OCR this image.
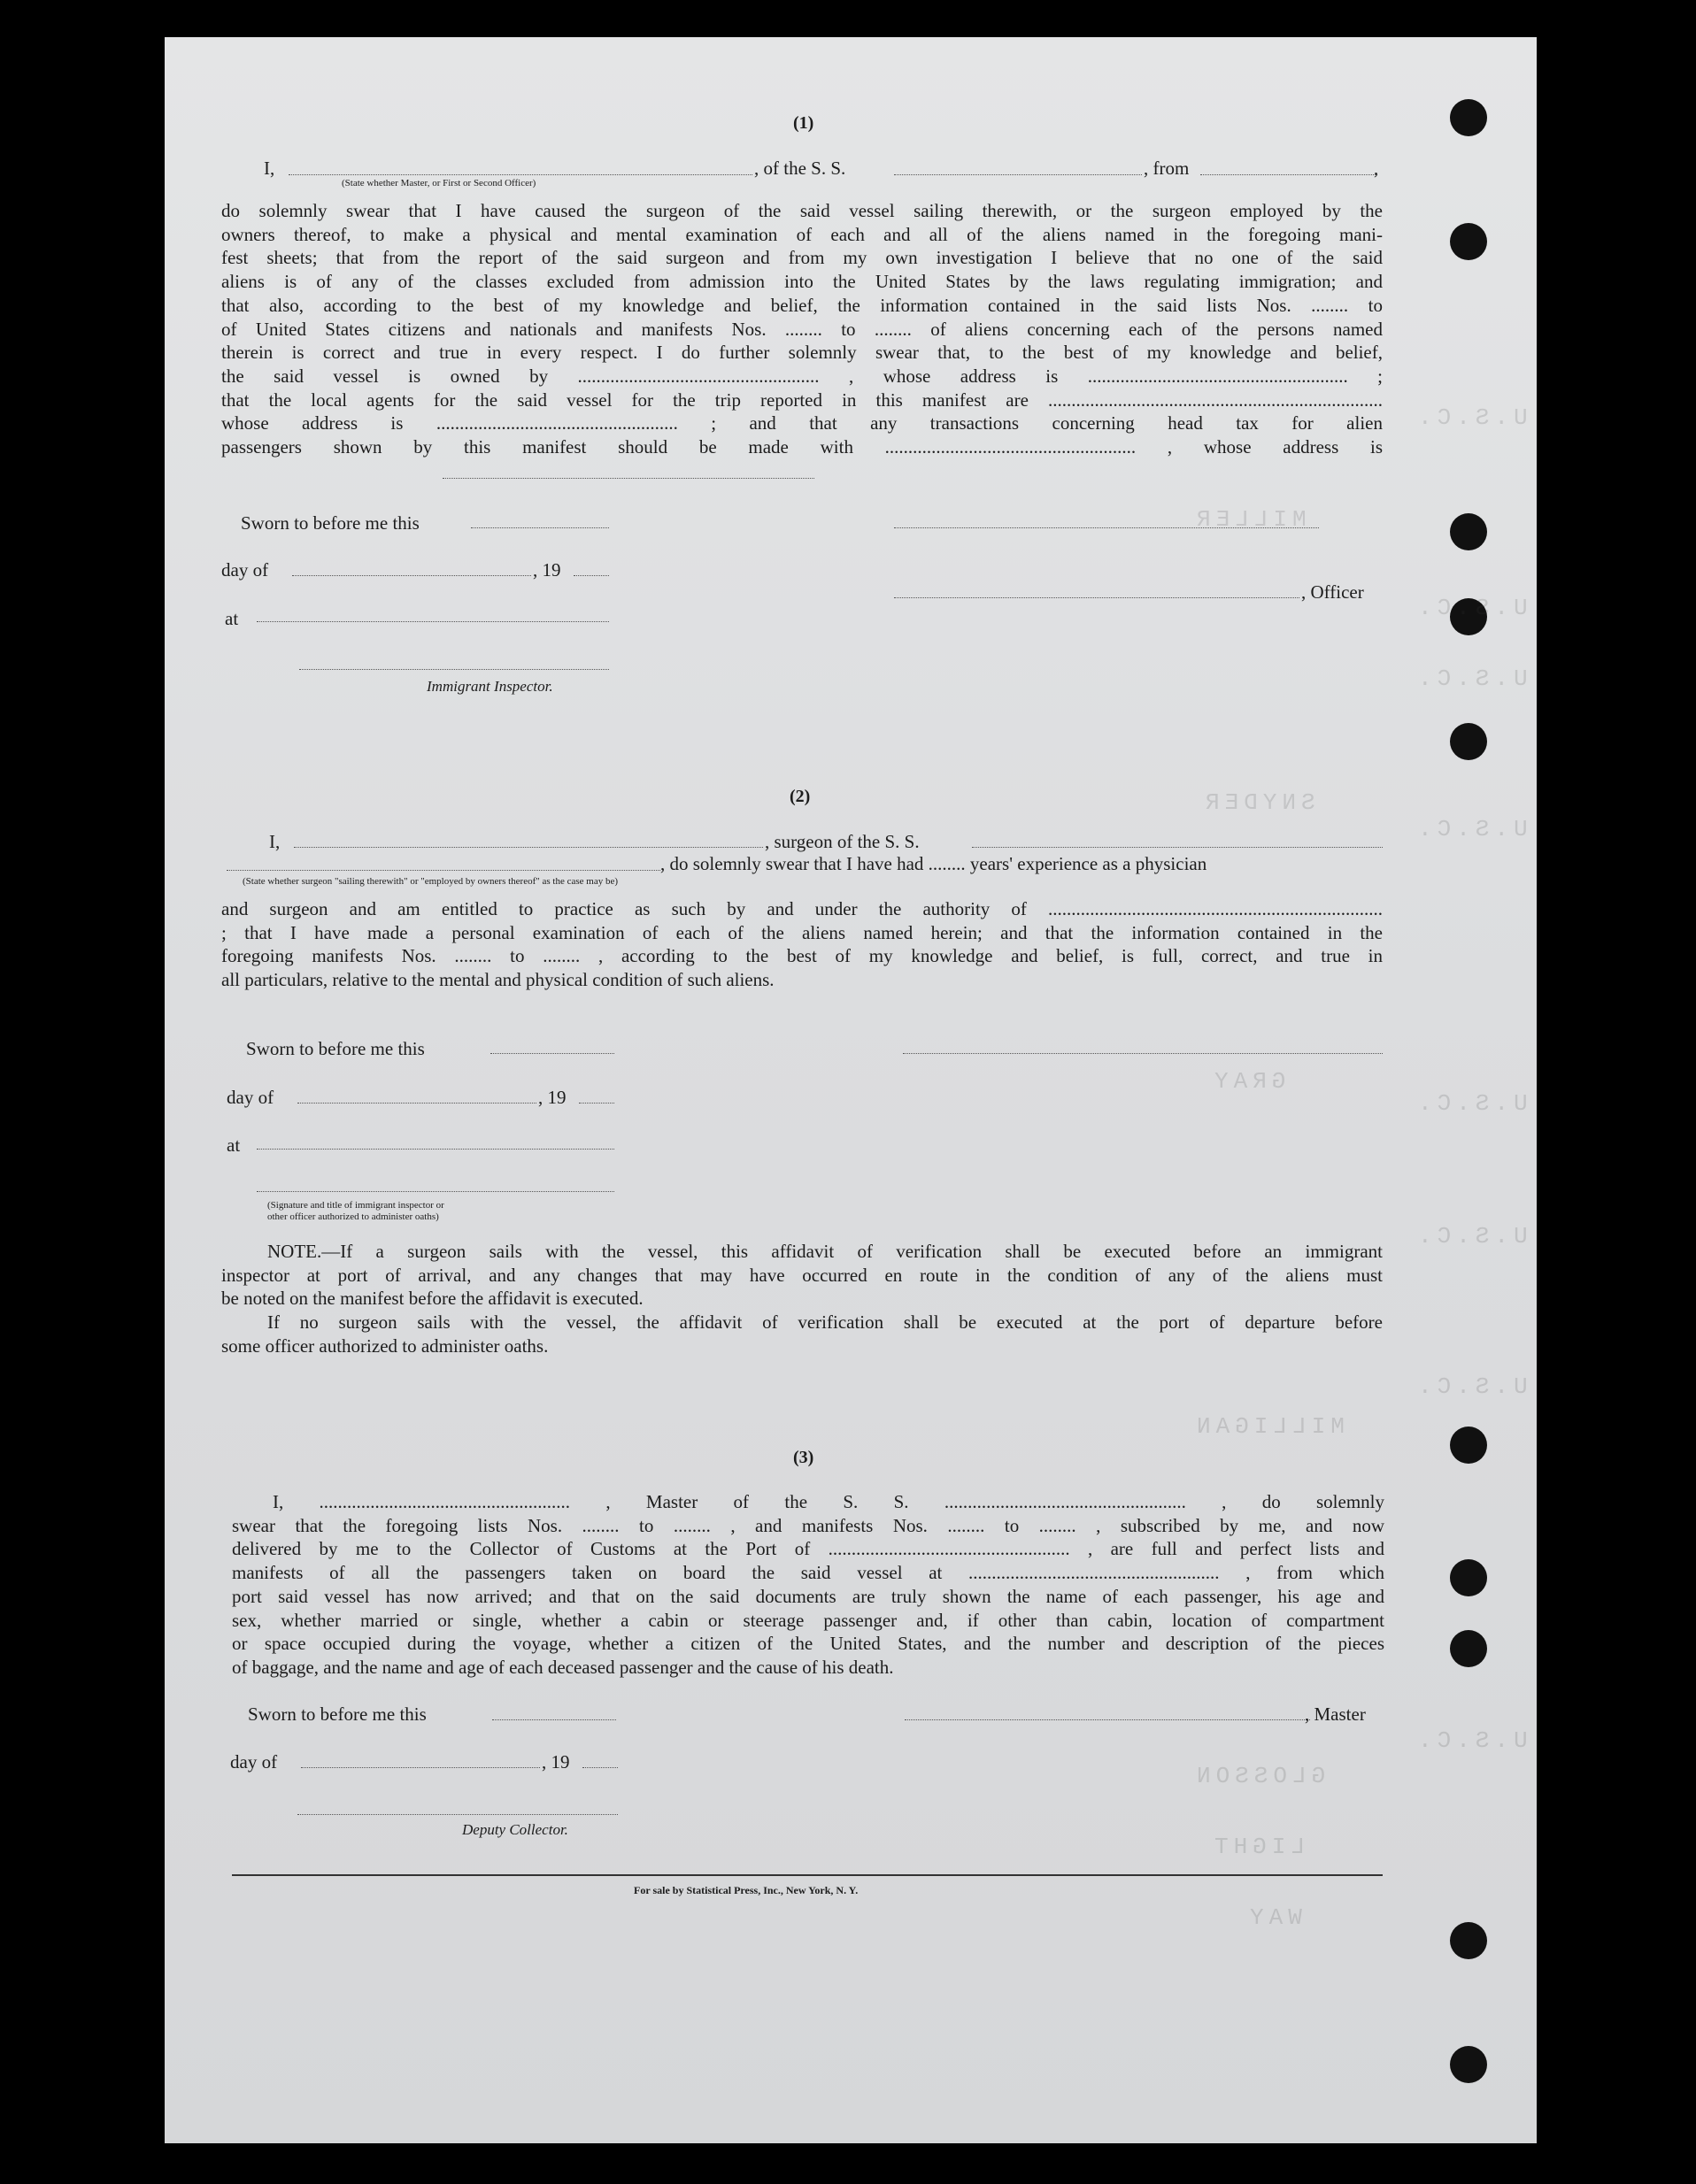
U.S.C.
U.S.C.
U.S.C.
U.S.C.
U.S.C.
U.S.C.
U.S.C.
U.S.C.
MILLER
GRAY
MILLIGAN
GLOSSON
LIGHT
WAY
SNYDER
(1)
I,	, of the S. S.	, from	,
(State whether Master, or First or Second Officer)
do solemnly swear that I have caused the surgeon of the said vessel sailing therewith, or the surgeon employed by the
owners thereof, to make a physical and mental examination of each and all of the aliens named in the foregoing mani-
fest sheets; that from the report of the said surgeon and from my own investigation I believe that no one of the said
aliens is of any of the classes excluded from admission into the United States by the laws regulating immigration; and
that also, according to the best of my knowledge and belief, the information contained in the said lists Nos. ........ to
of United States citizens and nationals and manifests Nos. ........ to ........ of aliens concerning each of the persons named
therein is correct and true in every respect. I do further solemnly swear that, to the best of my knowledge and belief,
the said vessel is owned by .................................................... , whose address is ........................................................ ;
that the local agents for the said vessel for the trip reported in this manifest are ........................................................................
whose address is .................................................... ; and that any transactions concerning head tax for alien
passengers shown by this manifest should be made with ...................................................... , whose address is
Sworn to before me this
day of	, 19
, Officer
at
Immigrant Inspector.
(2)
I,	, surgeon of the S. S.
, do solemnly swear that I have had ........ years' experience as a physician
(State whether surgeon "sailing therewith" or "employed by owners thereof" as the case may be)
and surgeon and am entitled to practice as such by and under the authority of ........................................................................
; that I have made a personal examination of each of the aliens named herein; and that the information contained in the
foregoing manifests Nos. ........ to ........ , according to the best of my knowledge and belief, is full, correct, and true in
all particulars, relative to the mental and physical condition of such aliens.
Sworn to before me this
day of	, 19
at
(Signature and title of immigrant inspector or
other officer authorized to administer oaths)
NOTE.—If a surgeon sails with the vessel, this affidavit of verification shall be executed before an immigrant
inspector at port of arrival, and any changes that may have occurred en route in the condition of any of the aliens must
be noted on the manifest before the affidavit is executed.
If no surgeon sails with the vessel, the affidavit of verification shall be executed at the port of departure before
some officer authorized to administer oaths.
(3)
I, ...................................................... , Master of the S. S. .................................................... , do solemnly
swear that the foregoing lists Nos. ........ to ........ , and manifests Nos. ........ to ........ , subscribed by me, and now
delivered by me to the Collector of Customs at the Port of .................................................... , are full and perfect lists and
manifests of all the passengers taken on board the said vessel at ...................................................... , from which
port said vessel has now arrived; and that on the said documents are truly shown the name of each passenger, his age and
sex, whether married or single, whether a cabin or steerage passenger and, if other than cabin, location of compartment
or space occupied during the voyage, whether a citizen of the United States, and the number and description of the pieces
of baggage, and the name and age of each deceased passenger and the cause of his death.
Sworn to before me this	, Master
day of	, 19
Deputy Collector.
For sale by Statistical Press, Inc., New York, N. Y.
